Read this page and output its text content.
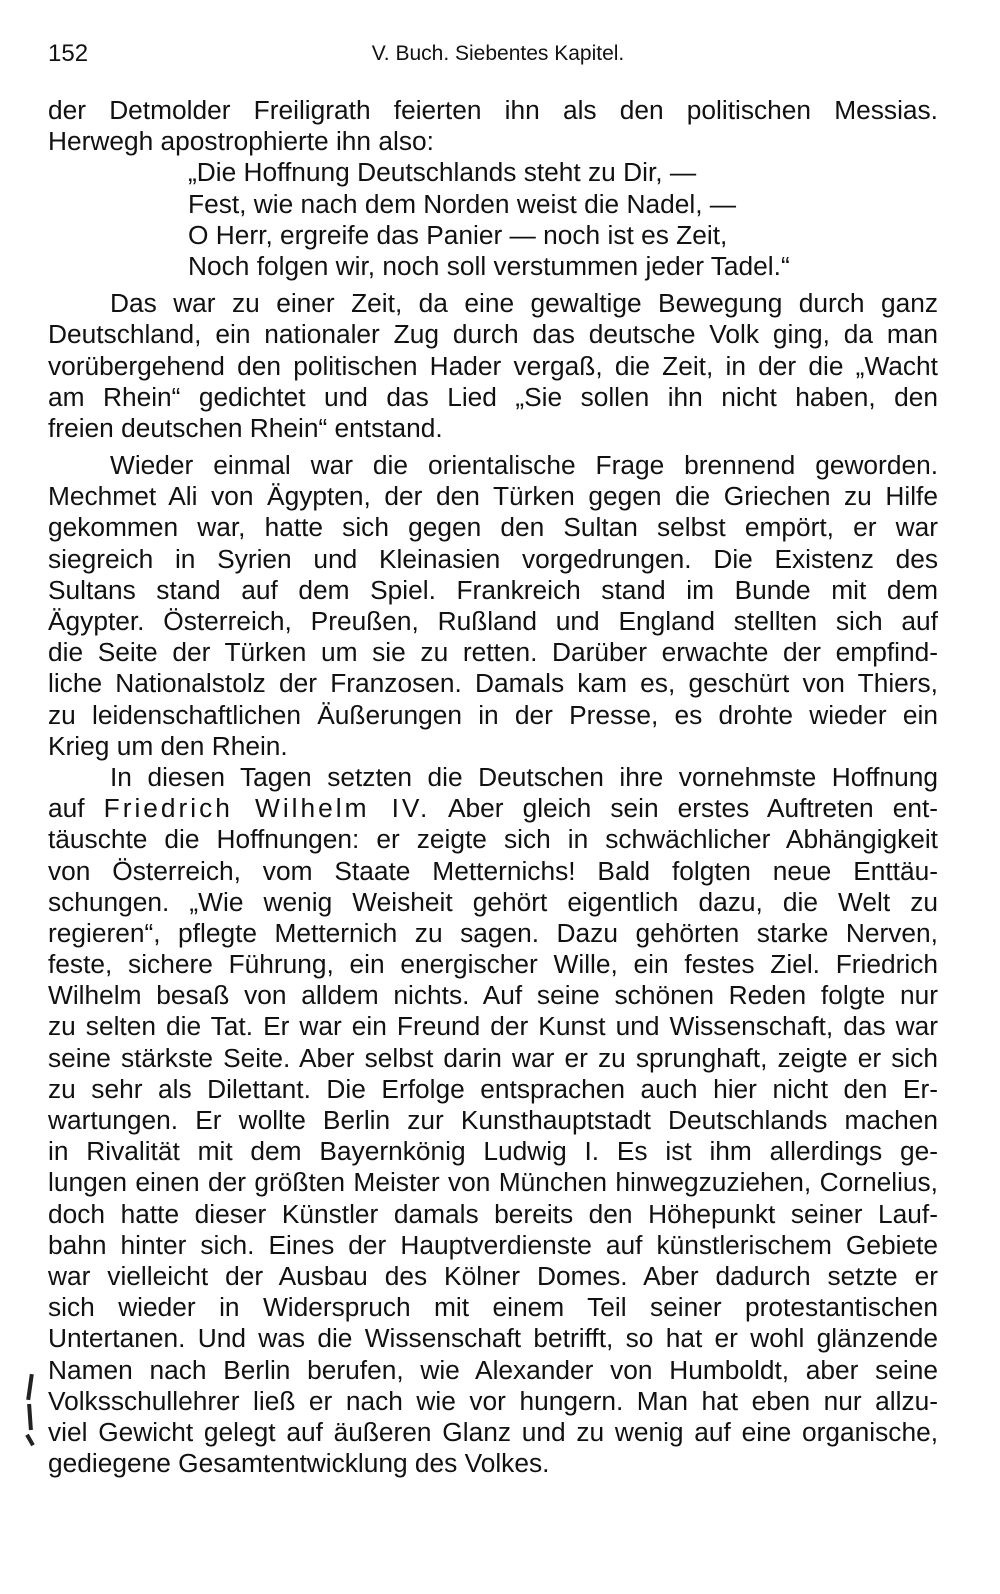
152	V. Buch. Siebentes Kapitel.
der Detmolder Freiligrath feierten ihn als den politischen Messias.
Herwegh apostrophierte ihn also:
„Die Hoffnung Deutschlands steht zu Dir, —
Fest, wie nach dem Norden weist die Nadel, —
O Herr, ergreife das Panier — noch ist es Zeit,
Noch folgen wir, noch soll verstummen jeder Tadel.“
Das war zu einer Zeit, da eine gewaltige Bewegung durch ganz
Deutschland, ein nationaler Zug durch das deutsche Volk ging, da man
vorübergehend den politischen Hader vergaß, die Zeit, in der die „Wacht
am Rhein“ gedichtet und das Lied „Sie sollen ihn nicht haben, den
freien deutschen Rhein“ entstand.
Wieder einmal war die orientalische Frage brennend geworden.
Mechmet Ali von Ägypten, der den Türken gegen die Griechen zu Hilfe
gekommen war, hatte sich gegen den Sultan selbst empört, er war
siegreich in Syrien und Kleinasien vorgedrungen. Die Existenz des
Sultans stand auf dem Spiel. Frankreich stand im Bunde mit dem
Ägypter. Österreich, Preußen, Rußland und England stellten sich auf
die Seite der Türken um sie zu retten. Darüber erwachte der empfind-
liche Nationalstolz der Franzosen. Damals kam es, geschürt von Thiers,
zu leidenschaftlichen Äußerungen in der Presse, es drohte wieder ein
Krieg um den Rhein.
In diesen Tagen setzten die Deutschen ihre vornehmste Hoffnung
auf Friedrich Wilhelm IV. Aber gleich sein erstes Auftreten ent-
täuschte die Hoffnungen: er zeigte sich in schwächlicher Abhängigkeit
von Österreich, vom Staate Metternichs! Bald folgten neue Enttäu-
schungen. „Wie wenig Weisheit gehört eigentlich dazu, die Welt zu
regieren“, pflegte Metternich zu sagen. Dazu gehörten starke Nerven,
feste, sichere Führung, ein energischer Wille, ein festes Ziel. Friedrich
Wilhelm besaß von alldem nichts. Auf seine schönen Reden folgte nur
zu selten die Tat. Er war ein Freund der Kunst und Wissenschaft, das war
seine stärkste Seite. Aber selbst darin war er zu sprunghaft, zeigte er sich
zu sehr als Dilettant. Die Erfolge entsprachen auch hier nicht den Er-
wartungen. Er wollte Berlin zur Kunsthauptstadt Deutschlands machen
in Rivalität mit dem Bayernkönig Ludwig I. Es ist ihm allerdings ge-
lungen einen der größten Meister von München hinwegzuziehen, Cornelius,
doch hatte dieser Künstler damals bereits den Höhepunkt seiner Lauf-
bahn hinter sich. Eines der Hauptverdienste auf künstlerischem Gebiete
war vielleicht der Ausbau des Kölner Domes. Aber dadurch setzte er
sich wieder in Widerspruch mit einem Teil seiner protestantischen
Untertanen. Und was die Wissenschaft betrifft, so hat er wohl glänzende
Namen nach Berlin berufen, wie Alexander von Humboldt, aber seine
Volksschullehrer ließ er nach wie vor hungern. Man hat eben nur allzu-
viel Gewicht gelegt auf äußeren Glanz und zu wenig auf eine organische,
gediegene Gesamtentwicklung des Volkes.
